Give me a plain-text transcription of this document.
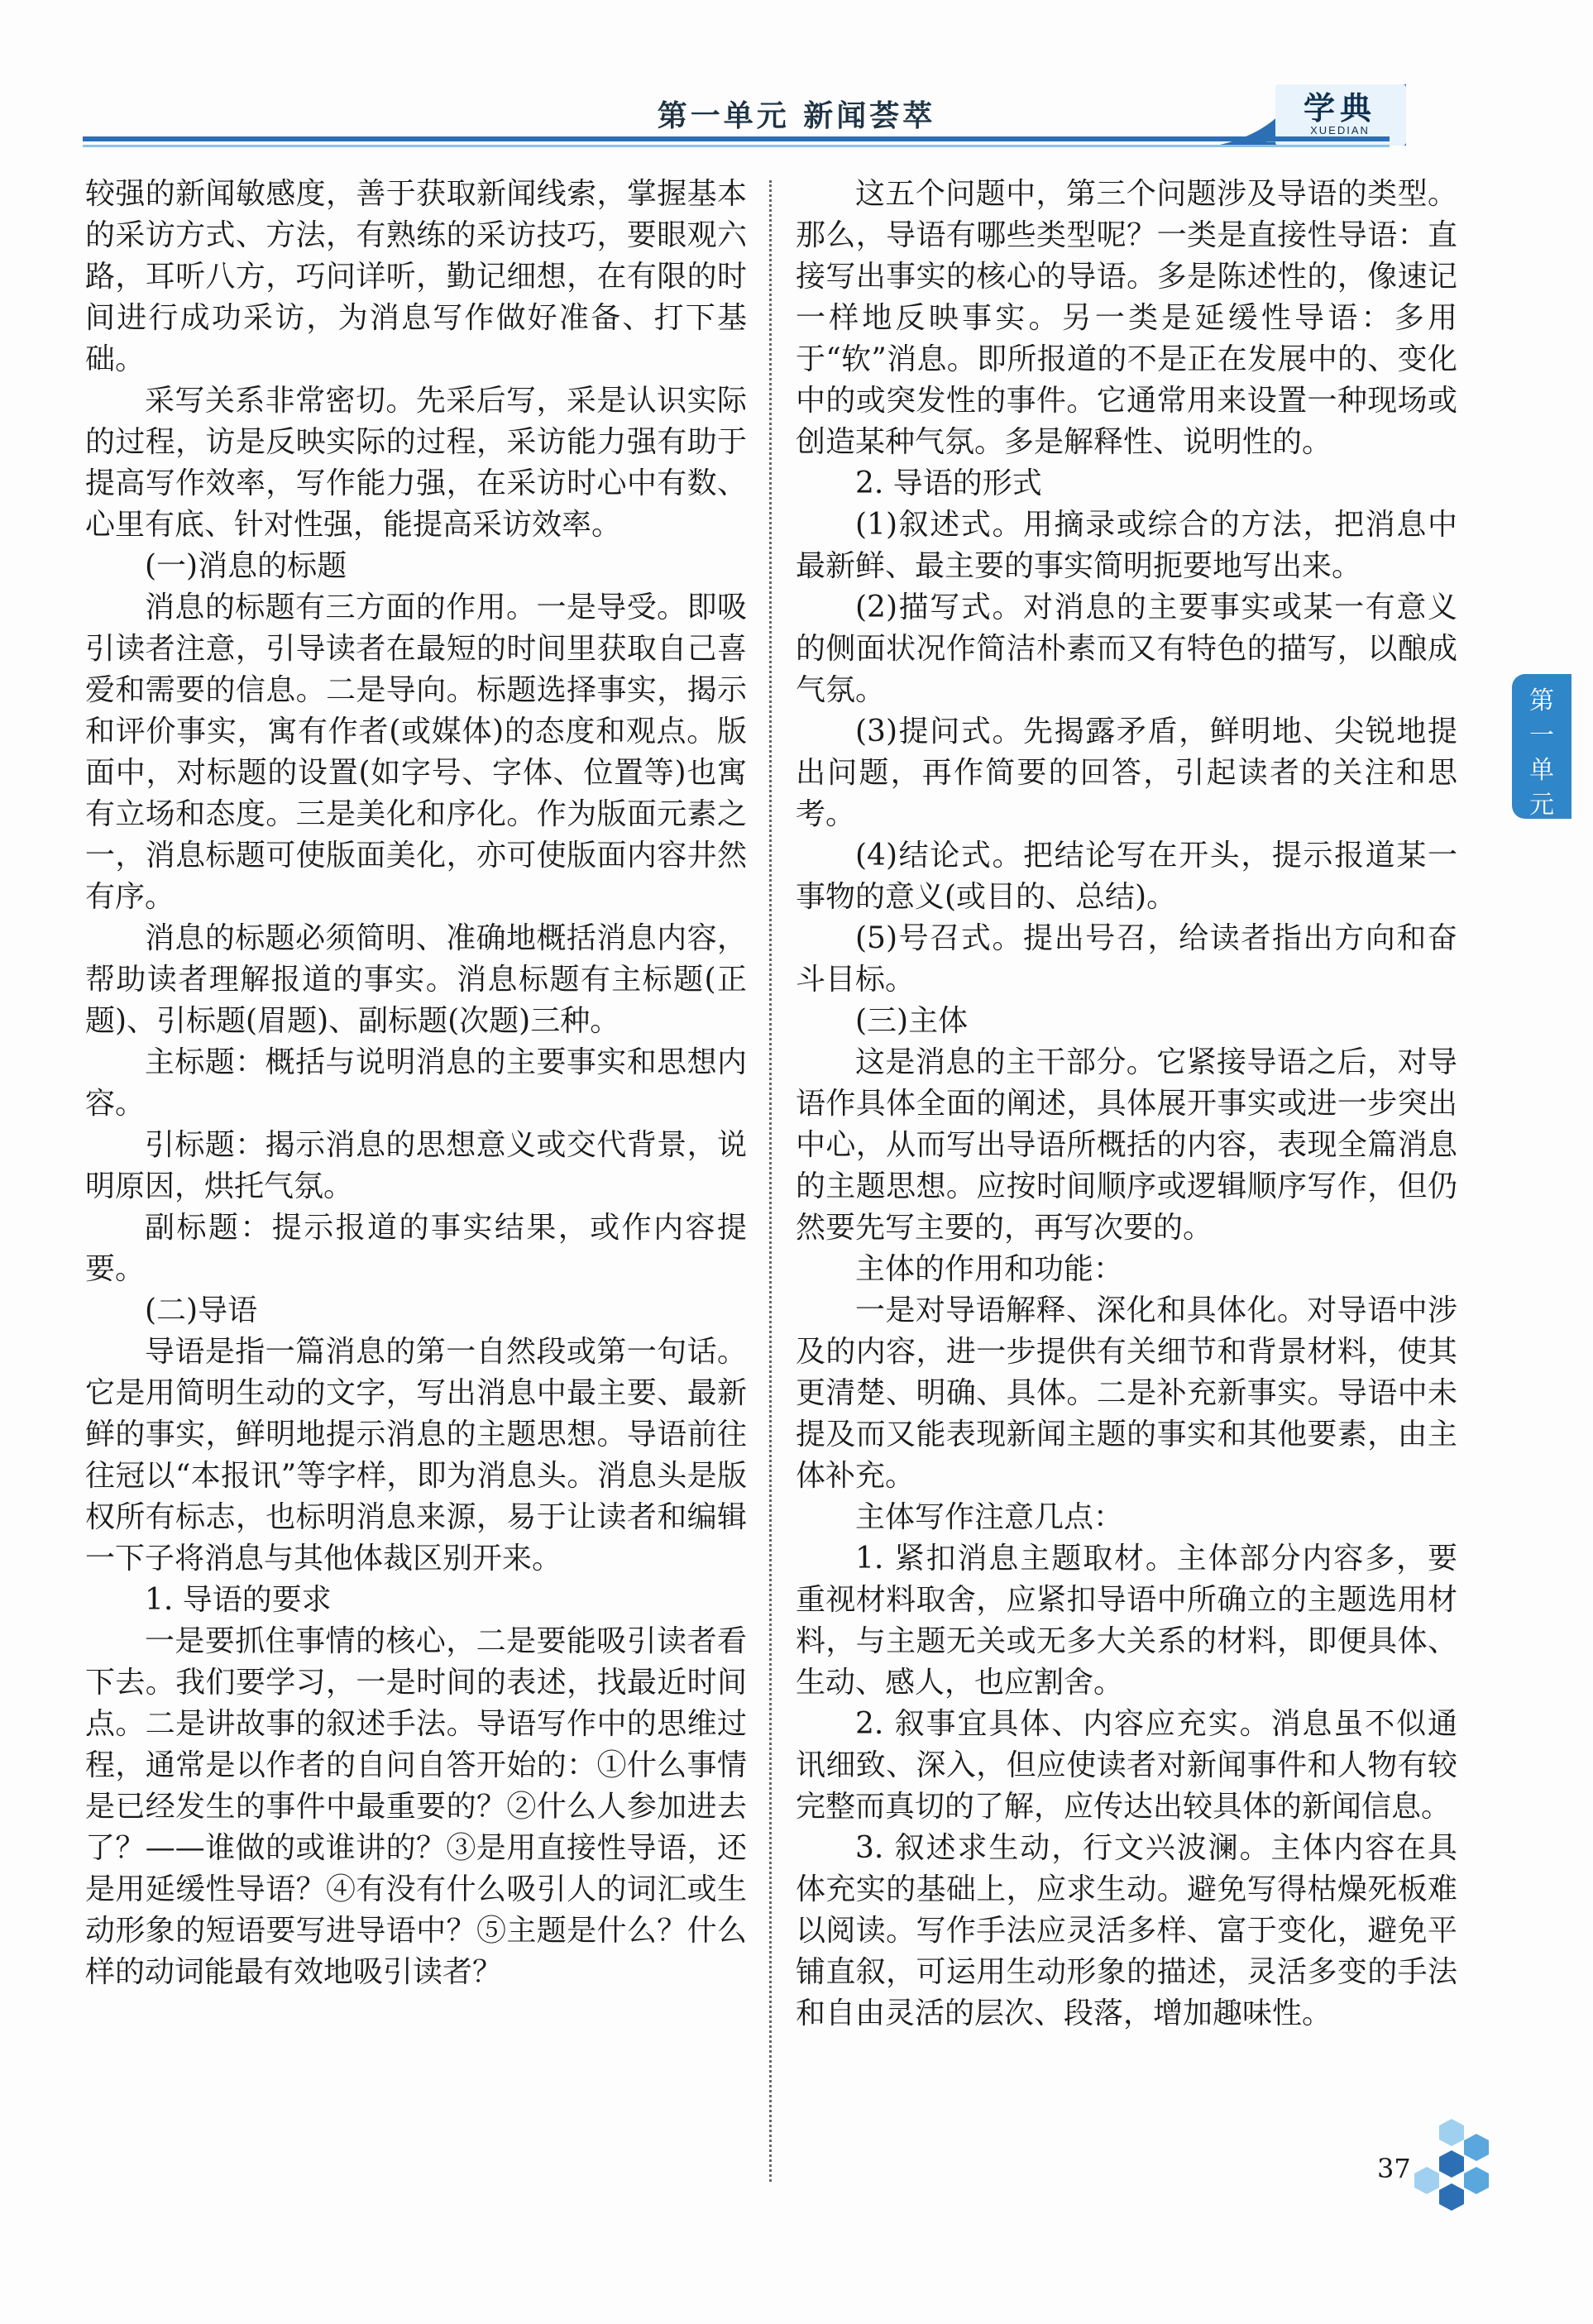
第一单元 新闻荟萃	学典
XUEDIAN

较强的新闻敏感度，善于获取新闻线索，掌握基本的采访方式、方法，有熟练的采访技巧，要眼观六路，耳听八方，巧问详听，勤记细想，在有限的时间进行成功采访，为消息写作做好准备、打下基础。

采写关系非常密切。先采后写，采是认识实际的过程，访是反映实际的过程，采访能力强有助于提高写作效率，写作能力强，在采访时心中有数、心里有底、针对性强，能提高采访效率。

(一)消息的标题

消息的标题有三方面的作用。一是导受。即吸引读者注意，引导读者在最短的时间里获取自己喜爱和需要的信息。二是导向。标题选择事实，揭示和评价事实，寓有作者(或媒体)的态度和观点。版面中，对标题的设置(如字号、字体、位置等)也寓有立场和态度。三是美化和序化。作为版面元素之一，消息标题可使版面美化，亦可使版面内容井然有序。

消息的标题必须简明、准确地概括消息内容，帮助读者理解报道的事实。消息标题有主标题(正题)、引标题(眉题)、副标题(次题)三种。

主标题：概括与说明消息的主要事实和思想内容。

引标题：揭示消息的思想意义或交代背景，说明原因，烘托气氛。

副标题：提示报道的事实结果，或作内容提要。

(二)导语

导语是指一篇消息的第一自然段或第一句话。它是用简明生动的文字，写出消息中最主要、最新鲜的事实，鲜明地提示消息的主题思想。导语前往往冠以“本报讯”等字样，即为消息头。消息头是版权所有标志，也标明消息来源，易于让读者和编辑一下子将消息与其他体裁区别开来。

1. 导语的要求

一是要抓住事情的核心，二是要能吸引读者看下去。我们要学习，一是时间的表述，找最近时间点。二是讲故事的叙述手法。导语写作中的思维过程，通常是以作者的自问自答开始的：①什么事情是已经发生的事件中最重要的？②什么人参加进去了？——谁做的或谁讲的？③是用直接性导语，还是用延缓性导语？④有没有什么吸引人的词汇或生动形象的短语要写进导语中？⑤主题是什么？什么样的动词能最有效地吸引读者？

这五个问题中，第三个问题涉及导语的类型。那么，导语有哪些类型呢？一类是直接性导语：直接写出事实的核心的导语。多是陈述性的，像速记一样地反映事实。另一类是延缓性导语：多用于“软”消息。即所报道的不是正在发展中的、变化中的或突发性的事件。它通常用来设置一种现场或创造某种气氛。多是解释性、说明性的。

2. 导语的形式

(1)叙述式。用摘录或综合的方法，把消息中最新鲜、最主要的事实简明扼要地写出来。

(2)描写式。对消息的主要事实或某一有意义的侧面状况作简洁朴素而又有特色的描写，以酿成气氛。

(3)提问式。先揭露矛盾，鲜明地、尖锐地提出问题，再作简要的回答，引起读者的关注和思考。

(4)结论式。把结论写在开头，提示报道某一事物的意义(或目的、总结)。

(5)号召式。提出号召，给读者指出方向和奋斗目标。

(三)主体

这是消息的主干部分。它紧接导语之后，对导语作具体全面的阐述，具体展开事实或进一步突出中心，从而写出导语所概括的内容，表现全篇消息的主题思想。应按时间顺序或逻辑顺序写作，但仍然要先写主要的，再写次要的。

主体的作用和功能：

一是对导语解释、深化和具体化。对导语中涉及的内容，进一步提供有关细节和背景材料，使其更清楚、明确、具体。二是补充新事实。导语中未提及而又能表现新闻主题的事实和其他要素，由主体补充。

主体写作注意几点：

1. 紧扣消息主题取材。主体部分内容多，要重视材料取舍，应紧扣导语中所确立的主题选用材料，与主题无关或无多大关系的材料，即便具体、生动、感人，也应割舍。

2. 叙事宜具体、内容应充实。消息虽不似通讯细致、深入，但应使读者对新闻事件和人物有较完整而真切的了解，应传达出较具体的新闻信息。

3. 叙述求生动，行文兴波澜。主体内容在具体充实的基础上，应求生动。避免写得枯燥死板难以阅读。写作手法应灵活多样、富于变化，避免平铺直叙，可运用生动形象的描述，灵活多变的手法和自由灵活的层次、段落，增加趣味性。

第一单元
37
